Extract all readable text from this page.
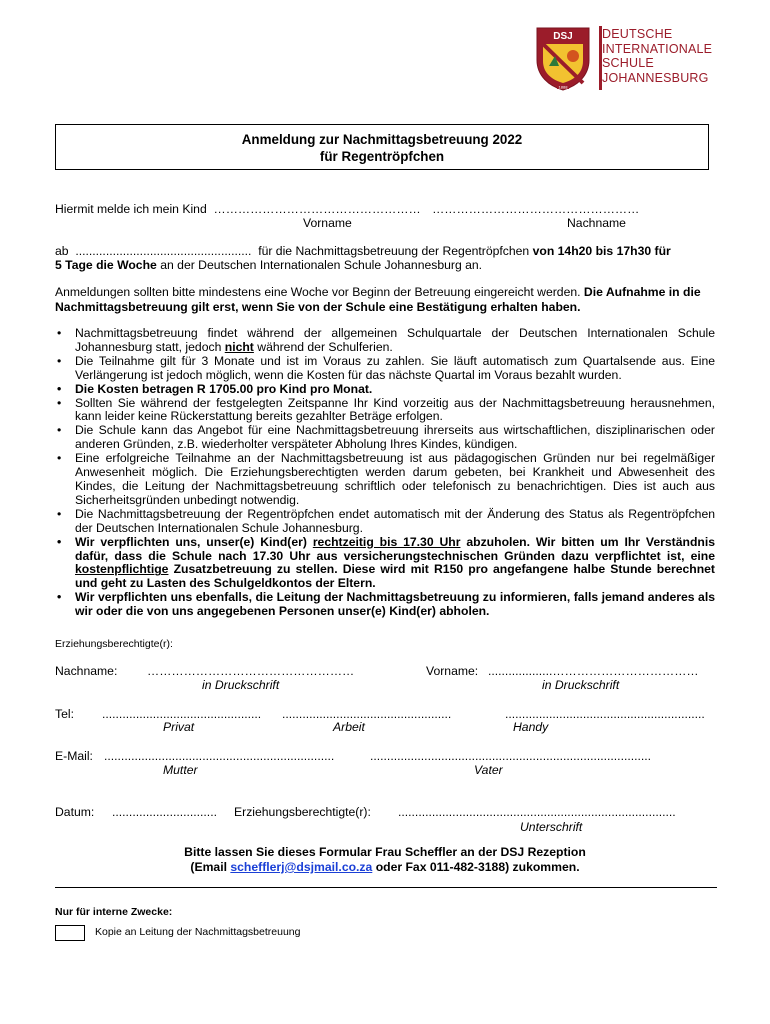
DSJ
1888
DEUTSCHE
INTERNATIONALE
SCHULE
JOHANNESBURG
Anmeldung zur Nachmittagsbetreuung 2022
für Regentröpfchen
Hiermit melde ich mein Kind …………………………………………… ……………………………………………
Vorname	Nachname
ab .................................................... für die Nachmittagsbetreuung der Regentröpfchen von 14h20 bis 17h30 für
5 Tage die Woche an der Deutschen Internationalen Schule Johannesburg an.
Anmeldungen sollten bitte mindestens eine Woche vor Beginn der Betreuung eingereicht werden. Die Aufnahme in die Nachmittagsbetreuung gilt erst, wenn Sie von der Schule eine Bestätigung erhalten haben.
• Nachmittagsbetreuung findet während der allgemeinen Schulquartale der Deutschen Internationalen Schule Johannesburg statt, jedoch nicht während der Schulferien.
• Die Teilnahme gilt für 3 Monate und ist im Voraus zu zahlen. Sie läuft automatisch zum Quartalsende aus. Eine Verlängerung ist jedoch möglich, wenn die Kosten für das nächste Quartal im Voraus bezahlt wurden.
• Die Kosten betragen R 1705.00 pro Kind pro Monat.
• Sollten Sie während der festgelegten Zeitspanne Ihr Kind vorzeitig aus der Nachmittagsbetreuung herausnehmen, kann leider keine Rückerstattung bereits gezahlter Beträge erfolgen.
• Die Schule kann das Angebot für eine Nachmittagsbetreuung ihrerseits aus wirtschaftlichen, disziplinarischen oder anderen Gründen, z.B. wiederholter verspäteter Abholung Ihres Kindes, kündigen.
• Eine erfolgreiche Teilnahme an der Nachmittagsbetreuung ist aus pädagogischen Gründen nur bei regelmäßiger Anwesenheit möglich. Die Erziehungsberechtigten werden darum gebeten, bei Krankheit und Abwesenheit des Kindes, die Leitung der Nachmittagsbetreuung schriftlich oder telefonisch zu benachrichtigen. Dies ist auch aus Sicherheitsgründen unbedingt notwendig.
• Die Nachmittagsbetreuung der Regentröpfchen endet automatisch mit der Änderung des Status als Regentröpfchen der Deutschen Internationalen Schule Johannesburg.
• Wir verpflichten uns, unser(e) Kind(er) rechtzeitig bis 17.30 Uhr abzuholen. Wir bitten um Ihr Verständnis dafür, dass die Schule nach 17.30 Uhr aus versicherungstechnischen Gründen dazu verpflichtet ist, eine kostenpflichtige Zusatzbetreuung zu stellen. Diese wird mit R150 pro angefangene halbe Stunde berechnet und geht zu Lasten des Schulgeldkontos der Eltern.
• Wir verpflichten uns ebenfalls, die Leitung der Nachmittagsbetreuung zu informieren, falls jemand anderes als wir oder die von uns angegebenen Personen unser(e) Kind(er) abholen.
Erziehungsberechtigte(r):
Nachname: ……………………………………………	Vorname: ...................………………………………
in Druckschrift	in Druckschrift
Tel: ............................................... ..................................................	...........................................................
Privat	Arbeit	Handy
E-Mail: ....................................................................	...................................................................................
Mutter	Vater
Datum: ............................... Erziehungsberechtigte(r): ..................................................................................
Unterschrift
Bitte lassen Sie dieses Formular Frau Scheffler an der DSJ Rezeption
(Email schefflerj@dsjmail.co.za oder Fax 011-482-3188) zukommen.
Nur für interne Zwecke:
Kopie an Leitung der Nachmittagsbetreuung
